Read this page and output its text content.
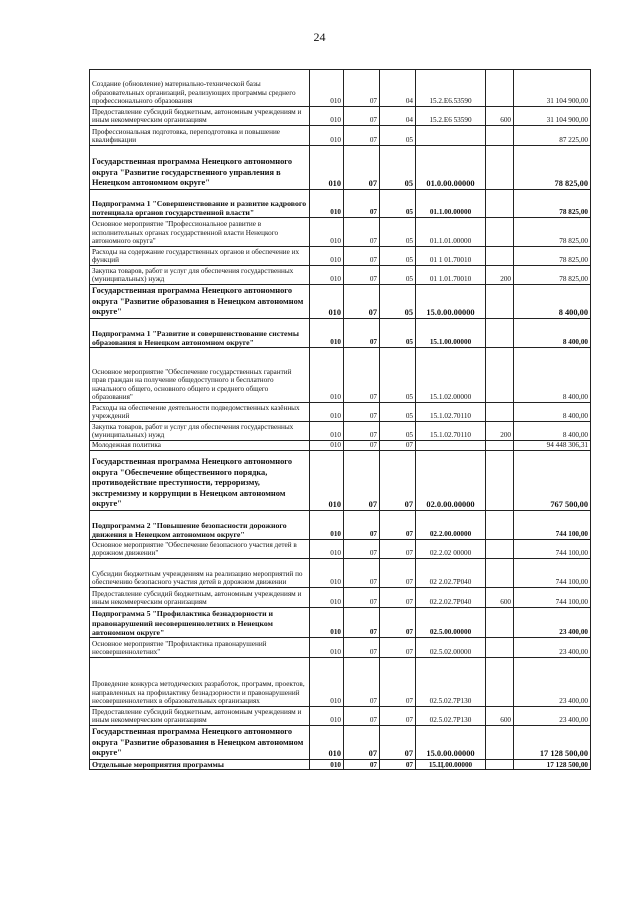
24
Создание (обновление) материально-технической базы образовательных организаций, реализующих программы среднего профессионального образования	010	07	04	15.2.Е6.53590		31 104 900,00
Предоставление субсидий бюджетным, автономным учреждениям и иным некоммерческим организациям	010	07	04	15.2.Е6 53590	600	31 104 900,00
Профессиональная подготовка, переподготовка и повышение квалификации	010	07	05			87 225,00
Государственная программа Ненецкого автономного округа "Развитие государственного управления в Ненецком автономном округе"	010	07	05	01.0.00.00000		78 825,00
Подпрограмма 1 "Совершенствование и развитие кадрового потенциала органов государственной власти"	010	07	05	01.1.00.00000		78 825,00
Основное мероприятие "Профессиональное развитие в исполнительных органах государственной власти Ненецкого автономного округа"	010	07	05	01.1.01.00000		78 825,00
Расходы на содержание государственных органов и обеспечение их функций	010	07	05	01 1 01.70010		78 825,00
Закупка товаров, работ и услуг для обеспечения государственных (муниципальных) нужд	010	07	05	01 1.01.70010	200	78 825,00
Государственная программа Ненецкого автономного округа "Развитие образования в Ненецком автономном округе"	010	07	05	15.0.00.00000		8 400,00
Подпрограмма 1 "Развитие и совершенствование системы образования в Ненецком автономном округе"	010	07	05	15.1.00.00000		8 400,00
Основное мероприятие "Обеспечение государственных гарантий прав граждан на получение общедоступного и бесплатного начального общего, основного общего и среднего общего образования"	010	07	05	15.1.02.00000		8 400,00
Расходы на обеспечение деятельности подведомственных казённых учреждений	010	07	05	15.1.02.70110		8 400,00
Закупка товаров, работ и услуг для обеспечения государственных (муниципальных) нужд	010	07	05	15.1.02.70110	200	8 400,00
Молодежная политика	010	07	07			94 448 306,31
Государственная программа Ненецкого автономного округа "Обеспечение общественного порядка, противодействие преступности, терроризму, экстремизму и коррупции в Ненецком автономном округе"	010	07	07	02.0.00.00000		767 500,00
Подпрограмма 2 "Повышение безопасности дорожного движения в Ненецком автономном округе"	010	07	07	02.2.00.00000		744 100,00
Основное мероприятие "Обеспечение безопасного участия детей в дорожном движении"	010	07	07	02.2.02 00000		744 100,00
Субсидии бюджетным учреждениям на реализацию мероприятий по обеспечению безопасного участия детей в дорожном движении	010	07	07	02 2.02.7Р040		744 100,00
Предоставление субсидий бюджетным, автономным учреждениям и иным некоммерческим организациям	010	07	07	02.2.02.7Р040	600	744 100,00
Подпрограмма 5 "Профилактика безнадзорности и правонарушений несовершеннолетних в Ненецком автономном округе"	010	07	07	02.5.00.00000		23 400,00
Основное мероприятие "Профилактика правонарушений несовершеннолетних"	010	07	07	02.5.02.00000		23 400,00
Проведение конкурса методических разработок, программ, проектов, направленных на профилактику безнадзорности и правонарушений несовершеннолетних в образовательных организациях	010	07	07	02.5.02.7Р130		23 400,00
Предоставление субсидий бюджетным, автономным учреждениям и иным некоммерческим организациям	010	07	07	02.5.02.7Р130	600	23 400,00
Государственная программа Ненецкого автономного округа "Развитие образования в Ненецком автономном округе"	010	07	07	15.0.00.00000		17 128 500,00
Отдельные мероприятия программы	010	07	07	15.Ц.00.00000		17 128 500,00
